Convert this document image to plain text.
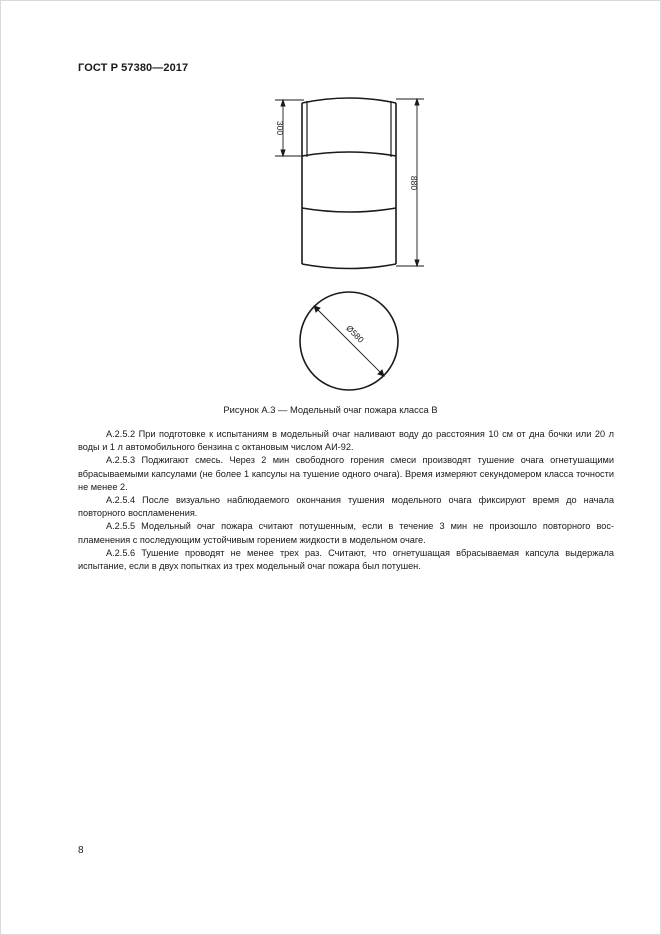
ГОСТ Р 57380—2017
300
880
Ø580
Рисунок А.3 — Модельный очаг пожара класса В

А.2.5.2 При подготовке к испытаниям в модельный очаг наливают воду до расстояния 10 см от дна бочки или 20 л воды и 1 л автомобильного бензина с октановым числом АИ-92.

А.2.5.3 Поджигают смесь. Через 2 мин свободного горения смеси производят тушение очага огнетушащими вбрасываемыми капсулами (не более 1 капсулы на тушение одного очага). Время измеряют секундомером класса точности не менее 2.

А.2.5.4 После визуально наблюдаемого окончания тушения модельного очага фиксируют время до начала повторного воспламенения.

А.2.5.5 Модельный очаг пожара считают потушенным, если в течение 3 мин не произошло повторного воспламенения с последующим устойчивым горением жидкости в модельном очаге.

А.2.5.6 Тушение проводят не менее трех раз. Считают, что огнетушащая вбрасываемая капсула выдержала испытание, если в двух попытках из трех модельный очаг пожара был потушен.

8
